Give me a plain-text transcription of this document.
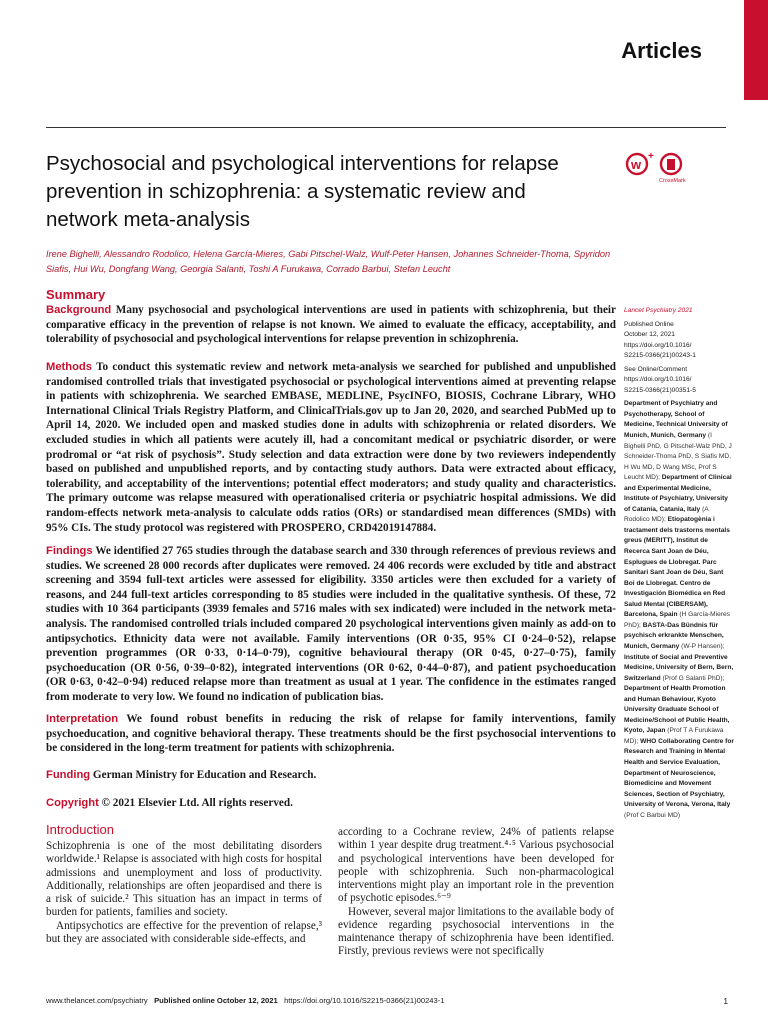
Articles
Psychosocial and psychological interventions for relapse prevention in schizophrenia: a systematic review and network meta-analysis
w
+
CrossMark
Irene Bighelli, Alessandro Rodolico, Helena García-Mieres, Gabi Pitschel-Walz, Wulf-Peter Hansen, Johannes Schneider-Thoma, Spyridon Siafis, Hui Wu, Dongfang Wang, Georgia Salanti, Toshi A Furukawa, Corrado Barbui, Stefan Leucht
Summary

Background Many psychosocial and psychological interventions are used in patients with schizophrenia, but their comparative efficacy in the prevention of relapse is not known. We aimed to evaluate the efficacy, acceptability, and tolerability of psychosocial and psychological interventions for relapse prevention in schizophrenia.

Methods To conduct this systematic review and network meta-analysis we searched for published and unpublished randomised controlled trials that investigated psychosocial or psychological interventions aimed at preventing relapse in patients with schizophrenia. We searched EMBASE, MEDLINE, PsycINFO, BIOSIS, Cochrane Library, WHO International Clinical Trials Registry Platform, and ClinicalTrials.gov up to Jan 20, 2020, and searched PubMed up to April 14, 2020. We included open and masked studies done in adults with schizophrenia or related disorders. We excluded studies in which all patients were acutely ill, had a concomitant medical or psychiatric disorder, or were prodromal or “at risk of psychosis”. Study selection and data extraction were done by two reviewers independently based on published and unpublished reports, and by contacting study authors. Data were extracted about efficacy, tolerability, and acceptability of the interventions; potential effect moderators; and study quality and characteristics. The primary outcome was relapse measured with operationalised criteria or psychiatric hospital admissions. We did random-effects network meta-analysis to calculate odds ratios (ORs) or standardised mean differences (SMDs) with 95% CIs. The study protocol was registered with PROSPERO, CRD42019147884.

Findings We identified 27 765 studies through the database search and 330 through references of previous reviews and studies. We screened 28 000 records after duplicates were removed. 24 406 records were excluded by title and abstract screening and 3594 full-text articles were assessed for eligibility. 3350 articles were then excluded for a variety of reasons, and 244 full-text articles corresponding to 85 studies were included in the qualitative synthesis. Of these, 72 studies with 10 364 participants (3939 females and 5716 males with sex indicated) were included in the network meta-analysis. The randomised controlled trials included compared 20 psychological interventions given mainly as add-on to antipsychotics. Ethnicity data were not available. Family interventions (OR 0·35, 95% CI 0·24–0·52), relapse prevention programmes (OR 0·33, 0·14–0·79), cognitive behavioural therapy (OR 0·45, 0·27–0·75), family psychoeducation (OR 0·56, 0·39–0·82), integrated interventions (OR 0·62, 0·44–0·87), and patient psychoeducation (OR 0·63, 0·42–0·94) reduced relapse more than treatment as usual at 1 year. The confidence in the estimates ranged from moderate to very low. We found no indication of publication bias.

Interpretation We found robust benefits in reducing the risk of relapse for family interventions, family psychoeducation, and cognitive behavioral therapy. These treatments should be the first psychosocial interventions to be considered in the long-term treatment for patients with schizophrenia.

Funding German Ministry for Education and Research.

Copyright © 2021 Elsevier Ltd. All rights reserved.

Lancet Psychiatry 2021

Published Online
October 12, 2021
https://doi.org/10.1016/
S2215-0366(21)00243-1

See Online/Comment
https://doi.org/10.1016/
S2215-0366(21)00351-5

Department of Psychiatry and Psychotherapy, School of Medicine, Technical University of Munich, Munich, Germany (I Bighelli PhD, G Pitschel-Walz PhD, J Schneider-Thoma PhD, S Siafis MD, H Wu MD, D Wang MSc, Prof S Leucht MD); Department of Clinical and Experimental Medicine, Institute of Psychiatry, University of Catania, Catania, Italy (A Rodolico MD); Etiopatogènia i tractament dels trastorns mentals greus (MERITT), Institut de Recerca Sant Joan de Déu, Esplugues de Llobregat. Parc Sanitari Sant Joan de Déu, Sant Boi de Llobregat. Centro de Investigación Biomédica en Red Salud Mental (CIBERSAM), Barcelona, Spain (H García-Mieres PhD); BASTA-Das Bündnis für psychisch erkrankte Menschen, Munich, Germany (W-P Hansen); Institute of Social and Preventive Medicine, University of Bern, Bern, Switzerland (Prof G Salanti PhD); Department of Health Promotion and Human Behaviour, Kyoto University Graduate School of Medicine/School of Public Health, Kyoto, Japan (Prof T A Furukawa MD); WHO Collaborating Centre for Research and Training in Mental Health and Service Evaluation, Department of Neuroscience, Biomedicine and Movement Sciences, Section of Psychiatry, University of Verona, Verona, Italy (Prof C Barbui MD)

Introduction

Schizophrenia is one of the most debilitating disorders worldwide.¹ Relapse is associated with high costs for hospital admissions and unemployment and loss of productivity. Additionally, relationships are often jeopardised and there is a risk of suicide.² This situation has an impact in terms of burden for patients, families and society.

Antipsychotics are effective for the prevention of relapse,³ but they are associated with considerable side-effects, and

according to a Cochrane review, 24% of patients relapse within 1 year despite drug treatment.⁴·⁵ Various psychosocial and psychological interventions have been developed for people with schizophrenia. Such non-pharmacological interventions might play an important role in the prevention of psychotic episodes.⁶⁻⁹

However, several major limitations to the available body of evidence regarding psychosocial interventions in the maintenance therapy of schizophrenia have been identified. Firstly, previous reviews were not specifically

www.thelancet.com/psychiatry Published online October 12, 2021 https://doi.org/10.1016/S2215-0366(21)00243-1	1
